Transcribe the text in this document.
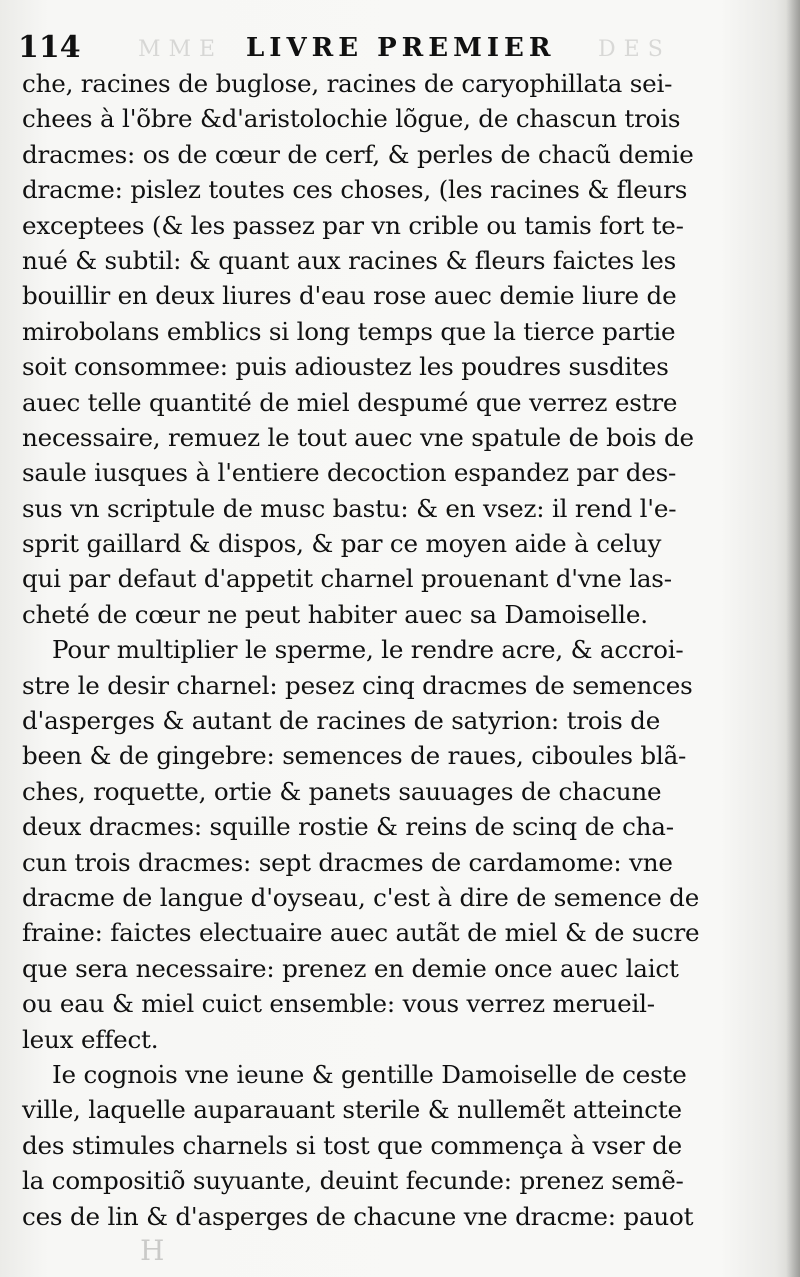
114	MME LIVRE PREMIER DES
che, racines de buglose, racines de caryophillata sei-
chees à l'õbre &d'aristolochie lõgue, de chascun trois
dracmes: os de cœur de cerf, & perles de chacũ demie
dracme: pislez toutes ces choses, (les racines & fleurs
exceptees (& les passez par vn crible ou tamis fort te-
nué & subtil: & quant aux racines & fleurs faictes les
bouillir en deux liures d'eau rose auec demie liure de
mirobolans emblics si long temps que la tierce partie
soit consommee: puis adioustez les poudres susdites
auec telle quantité de miel despumé que verrez estre
necessaire, remuez le tout auec vne spatule de bois de
saule iusques à l'entiere decoction espandez par des-
sus vn scriptule de musc bastu: & en vsez: il rend l'e-
sprit gaillard & dispos, & par ce moyen aide à celuy
qui par defaut d'appetit charnel prouenant d'vne las-
cheté de cœur ne peut habiter auec sa Damoiselle.
Pour multiplier le sperme, le rendre acre, & accroi-
stre le desir charnel: pesez cinq dracmes de semences
d'asperges & autant de racines de satyrion: trois de
been & de gingebre: semences de raues, ciboules blã-
ches, roquette, ortie & panets sauuages de chacune
deux dracmes: squille rostie & reins de scinq de cha-
cun trois dracmes: sept dracmes de cardamome: vne
dracme de langue d'oyseau, c'est à dire de semence de
fraine: faictes electuaire auec autãt de miel & de sucre
que sera necessaire: prenez en demie once auec laict
ou eau & miel cuict ensemble: vous verrez merueil-
leux effect.
Ie cognois vne ieune & gentille Damoiselle de ceste
ville, laquelle auparauant sterile & nullemẽt atteincte
des stimules charnels si tost que commença à vser de
la compositiõ suyuante, deuint fecunde: prenez semẽ-
ces de lin & d'asperges de chacune vne dracme: pauot
H
